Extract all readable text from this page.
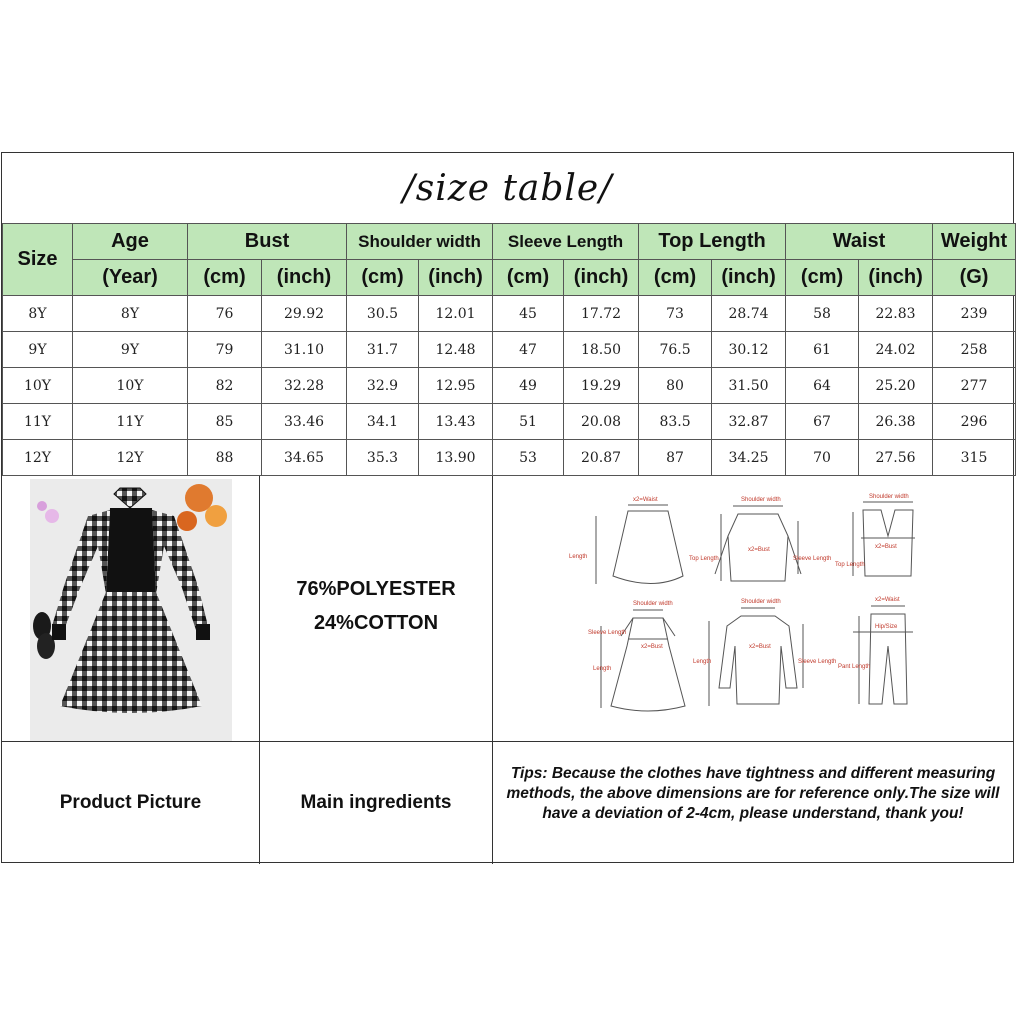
/size table/
Size	Age	Bust		Shoulder width		Sleeve Length		Top Length		Waist		Weight
	(Year)	(cm)	(inch)	(cm)	(inch)	(cm)	(inch)	(cm)	(inch)	(cm)	(inch)	(G)
8Y	8Y	76	29.92	30.5	12.01	45	17.72	73	28.74	58	22.83	239
9Y	9Y	79	31.10	31.7	12.48	47	18.50	76.5	30.12	61	24.02	258
10Y	10Y	82	32.28	32.9	12.95	49	19.29	80	31.50	64	25.20	277
11Y	11Y	85	33.46	34.1	13.43	51	20.08	83.5	32.87	67	26.38	296
12Y	12Y	88	34.65	35.3	13.90	53	20.87	87	34.25	70	27.56	315
76%POLYESTER
24%COTTON
x2=Waist
Length
Shoulder width
x2=Bust
Top Length	Sleeve Length
Shoulder width
x2=Bust
Top Length
Shoulder width
Sleeve Length
x2=Bust
Length
Shoulder width
x2=Bust
Length	Sleeve Length
x2=Waist
Hip/Size
Pant Length
Product Picture	Main ingredients
Tips: Because the clothes have tightness and different measuring methods, the above dimensions are for reference only.The size will have a deviation of 2-4cm, please understand, thank you!
